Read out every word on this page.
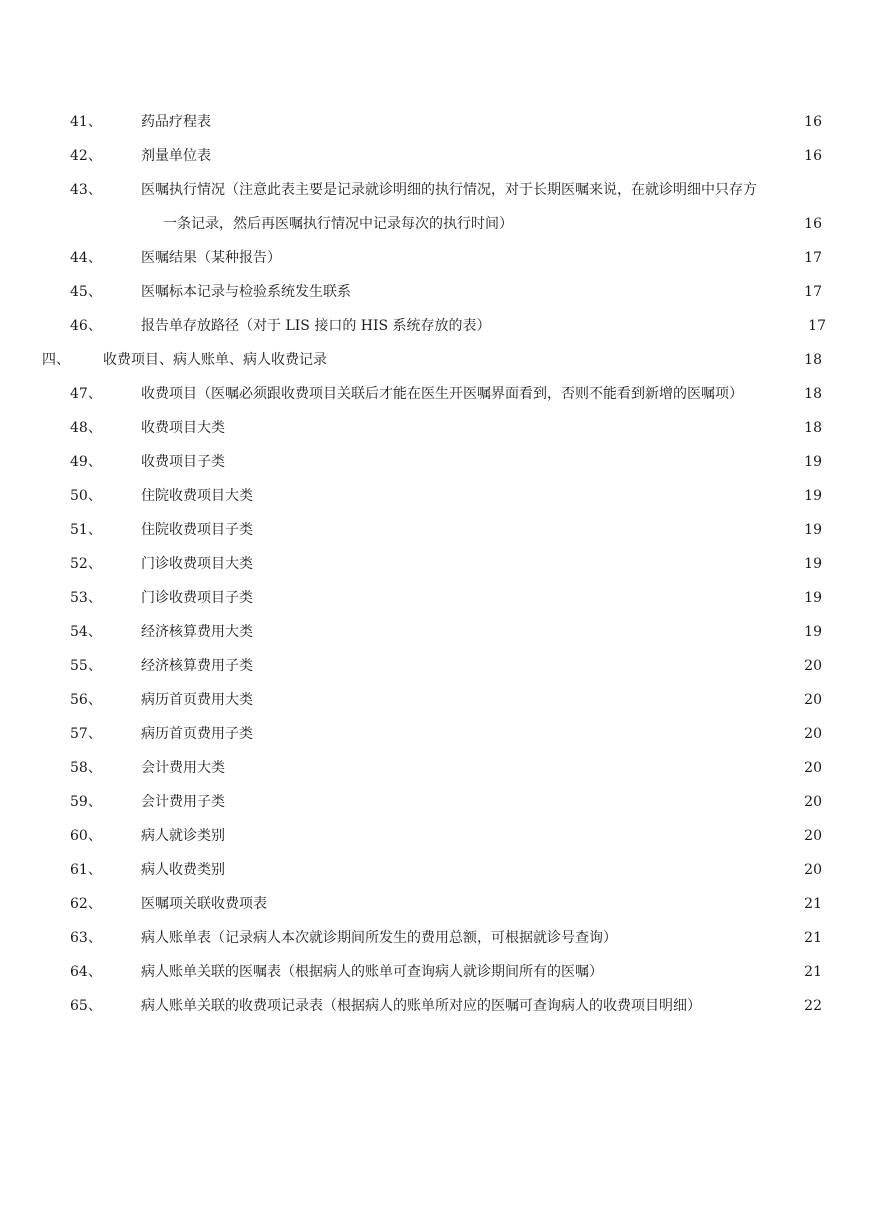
41、	药品疗程表	16
42、	剂量单位表	16
43、	医嘱执行情况（注意此表主要是记录就诊明细的执行情况，对于长期医嘱来说，在就诊明细中只存方
一条记录，然后再医嘱执行情况中记录每次的执行时间）	16
44、	医嘱结果（某种报告）	17
45、	医嘱标本记录与检验系统发生联系	17
46、	报告单存放路径（对于 LIS 接口的 HIS 系统存放的表）	17
四、 收费项目、病人账单、病人收费记录	18
47、	收费项目（医嘱必须跟收费项目关联后才能在医生开医嘱界面看到，否则不能看到新增的医嘱项）	18
48、	收费项目大类	18
49、	收费项目子类	19
50、	住院收费项目大类	19
51、	住院收费项目子类	19
52、	门诊收费项目大类	19
53、	门诊收费项目子类	19
54、	经济核算费用大类	19
55、	经济核算费用子类	20
56、	病历首页费用大类	20
57、	病历首页费用子类	20
58、	会计费用大类	20
59、	会计费用子类	20
60、	病人就诊类别	20
61、	病人收费类别	20
62、	医嘱项关联收费项表	21
63、	病人账单表（记录病人本次就诊期间所发生的费用总额，可根据就诊号查询）	21
64、	病人账单关联的医嘱表（根据病人的账单可查询病人就诊期间所有的医嘱）	21
65、	病人账单关联的收费项记录表（根据病人的账单所对应的医嘱可查询病人的收费项目明细）	22
